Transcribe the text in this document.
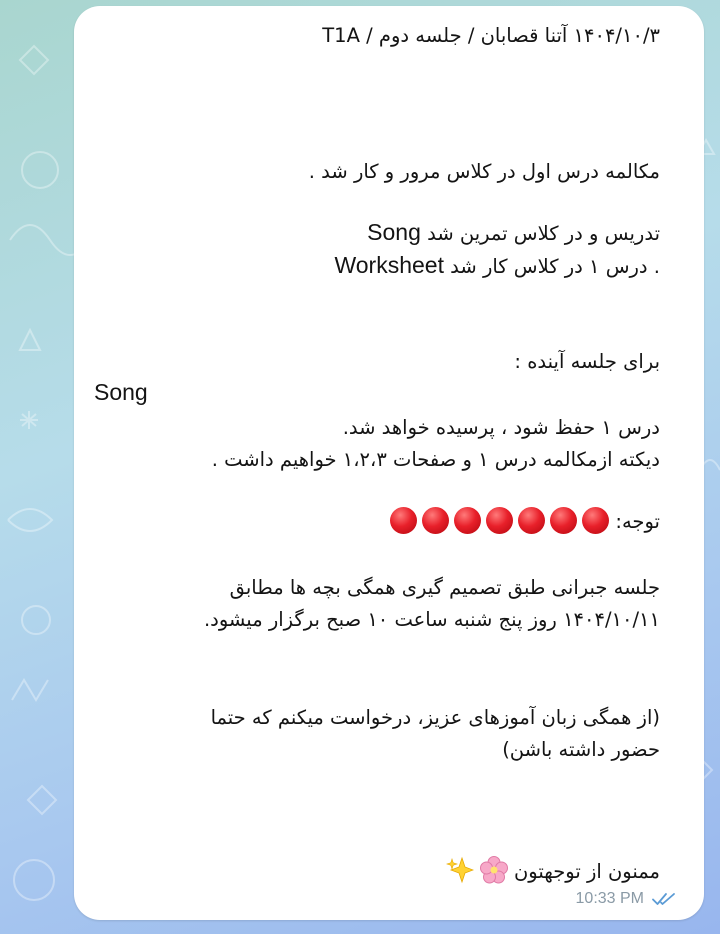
۱۴۰۴/۱۰/۳ آتنا قصابان / جلسه دوم / T1A
مکالمه درس اول در کلاس مرور و کار شد .
تدریس و در کلاس تمرین شد Song
. درس ۱ در کلاس کار شد Worksheet
برای جلسه آینده :
Song
درس ۱ حفظ شود ، پرسیده خواهد شد.
دیکته ازمکالمه درس ۱ و صفحات ۱،۲،۳ خواهیم داشت .
توجه:
جلسه جبرانی طبق تصمیم گیری همگی بچه ها مطابق
۱۴۰۴/۱۰/۱۱ روز پنج شنبه ساعت ۱۰ صبح برگزار میشود.
(از همگی زبان آموزهای عزیز، درخواست میکنم که حتما
حضور داشته باشن)
ممنون از توجهتون
10:33 PM
